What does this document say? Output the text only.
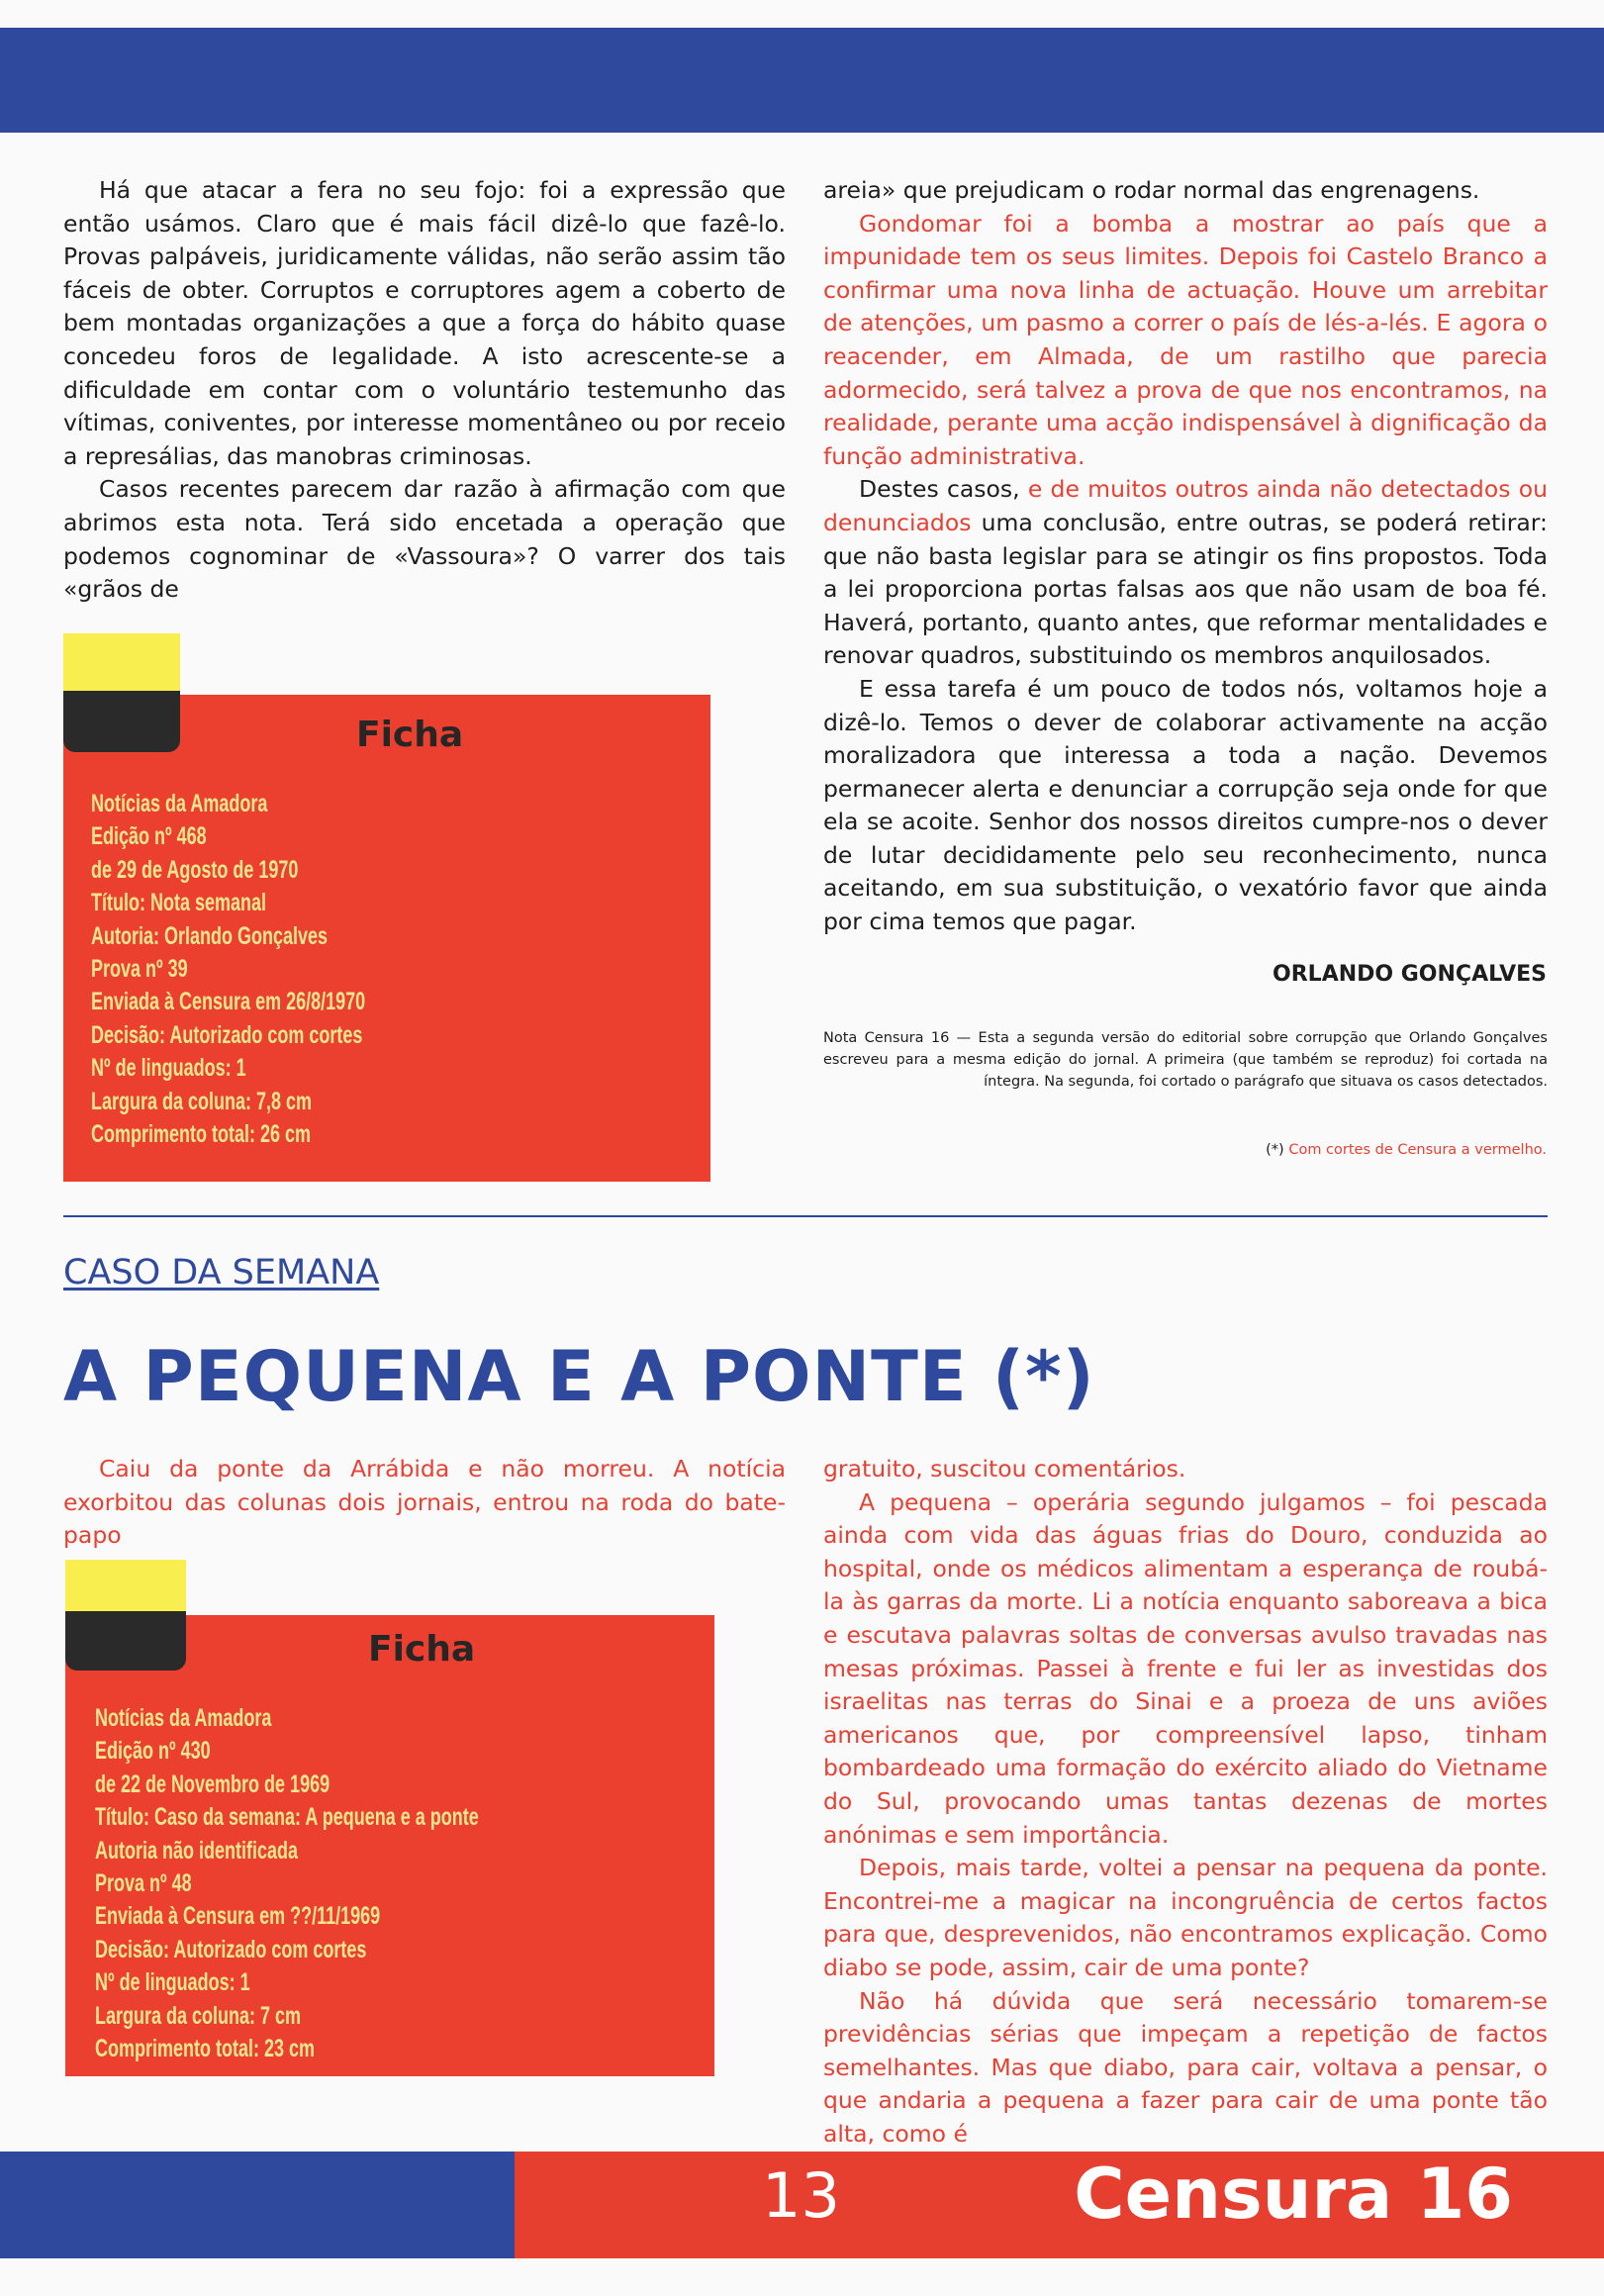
Há que atacar a fera no seu fojo: foi a expressão que então usámos. Claro que é mais fácil dizê-lo que fazê-lo. Provas palpáveis, juridicamente válidas, não serão assim tão fáceis de obter. Corruptos e corruptores agem a coberto de bem montadas organizações a que a força do hábito quase concedeu foros de legalidade. A isto acrescente-se a dificuldade em contar com o voluntário testemunho das vítimas, coniventes, por interesse momentâneo ou por receio a represálias, das manobras criminosas.

Casos recentes parecem dar razão à afirmação com que abrimos esta nota. Terá sido encetada a operação que podemos cognominar de «Vassoura»? O varrer dos tais «grãos de

Ficha
Notícias da Amadora
Edição nº 468
de 29 de Agosto de 1970
Título: Nota semanal
Autoria: Orlando Gonçalves
Prova nº 39
Enviada à Censura em 26/8/1970
Decisão: Autorizado com cortes
Nº de linguados: 1
Largura da coluna: 7,8 cm
Comprimento total: 26 cm

areia» que prejudicam o rodar normal das engrenagens.

Gondomar foi a bomba a mostrar ao país que a impunidade tem os seus limites. Depois foi Castelo Branco a confirmar uma nova linha de actuação. Houve um arrebitar de atenções, um pasmo a correr o país de lés-a-lés. E agora o reacender, em Almada, de um rastilho que parecia adormecido, será talvez a prova de que nos encontramos, na realidade, perante uma acção indispensável à dignificação da função administrativa.

Destes casos, e de muitos outros ainda não detectados ou denunciados uma conclusão, entre outras, se poderá retirar: que não basta legislar para se atingir os fins propostos. Toda a lei proporciona portas falsas aos que não usam de boa fé. Haverá, portanto, quanto antes, que reformar mentalidades e renovar quadros, substituindo os membros anquilosados.

E essa tarefa é um pouco de todos nós, voltamos hoje a dizê-lo. Temos o dever de colaborar activamente na acção moralizadora que interessa a toda a nação. Devemos permanecer alerta e denunciar a corrupção seja onde for que ela se acoite. Senhor dos nossos direitos cumpre-nos o dever de lutar decididamente pelo seu reconhecimento, nunca aceitando, em sua substituição, o vexatório favor que ainda por cima temos que pagar.

ORLANDO GONÇALVES
Nota Censura 16 — Esta a segunda versão do editorial sobre corrupção que Orlando Gonçalves escreveu para a mesma edição do jornal. A primeira (que também se reproduz) foi cortada na íntegra. Na segunda, foi cortado o parágrafo que situava os casos detectados.
(*) Com cortes de Censura a vermelho.
CASO DA SEMANA
A PEQUENA E A PONTE (*)

Caiu da ponte da Arrábida e não morreu. A notícia exorbitou das colunas dois jornais, entrou na roda do bate-papo

Ficha
Notícias da Amadora
Edição nº 430
de 22 de Novembro de 1969
Título: Caso da semana: A pequena e a ponte
Autoria não identificada
Prova nº 48
Enviada à Censura em ??/11/1969
Decisão: Autorizado com cortes
Nº de linguados: 1
Largura da coluna: 7 cm
Comprimento total: 23 cm

gratuito, suscitou comentários.

A pequena – operária segundo julgamos – foi pescada ainda com vida das águas frias do Douro, conduzida ao hospital, onde os médicos alimentam a esperança de roubá-la às garras da morte. Li a notícia enquanto saboreava a bica e escutava palavras soltas de conversas avulso travadas nas mesas próximas. Passei à frente e fui ler as investidas dos israelitas nas terras do Sinai e a proeza de uns aviões americanos que, por compreensível lapso, tinham bombardeado uma formação do exército aliado do Vietname do Sul, provocando umas tantas dezenas de mortes anónimas e sem importância.

Depois, mais tarde, voltei a pensar na pequena da ponte. Encontrei-me a magicar na incongruência de certos factos para que, desprevenidos, não encontramos explicação. Como diabo se pode, assim, cair de uma ponte?

Não há dúvida que será necessário tomarem-se previdências sérias que impeçam a repetição de factos semelhantes. Mas que diabo, para cair, voltava a pensar, o que andaria a pequena a fazer para cair de uma ponte tão alta, como é

13	Censura 16
